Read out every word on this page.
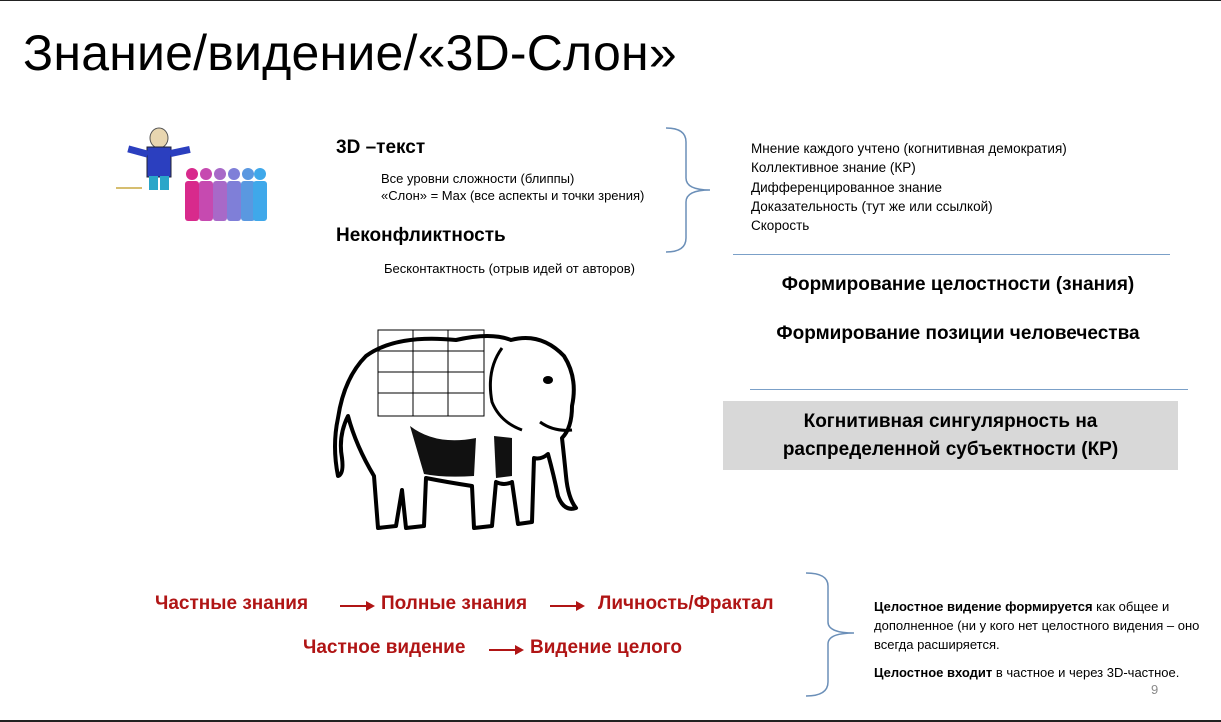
Знание/видение/«3D-Слон»
3D –текст
Все уровни сложности (блиппы)
«Слон» = Max (все аспекты и точки зрения)
Неконфликтность
Бесконтактность (отрыв идей от авторов)
Мнение каждого учтено (когнитивная демократия)
Коллективное знание (КР)
Дифференцированное знание
Доказательность (тут же или ссылкой)
Скорость
Формирование целостности (знания)
Формирование позиции человечества
Когнитивная сингулярность на
распределенной субъектности (КР)
Частные знания	Полные знания	Личность/Фрактал
Частное видение	Видение целого
Целостное видение формируется как общее и дополненное (ни у кого нет целостного видения – оно всегда расширяется.
Целостное входит в частное и через 3D-частное.
9
